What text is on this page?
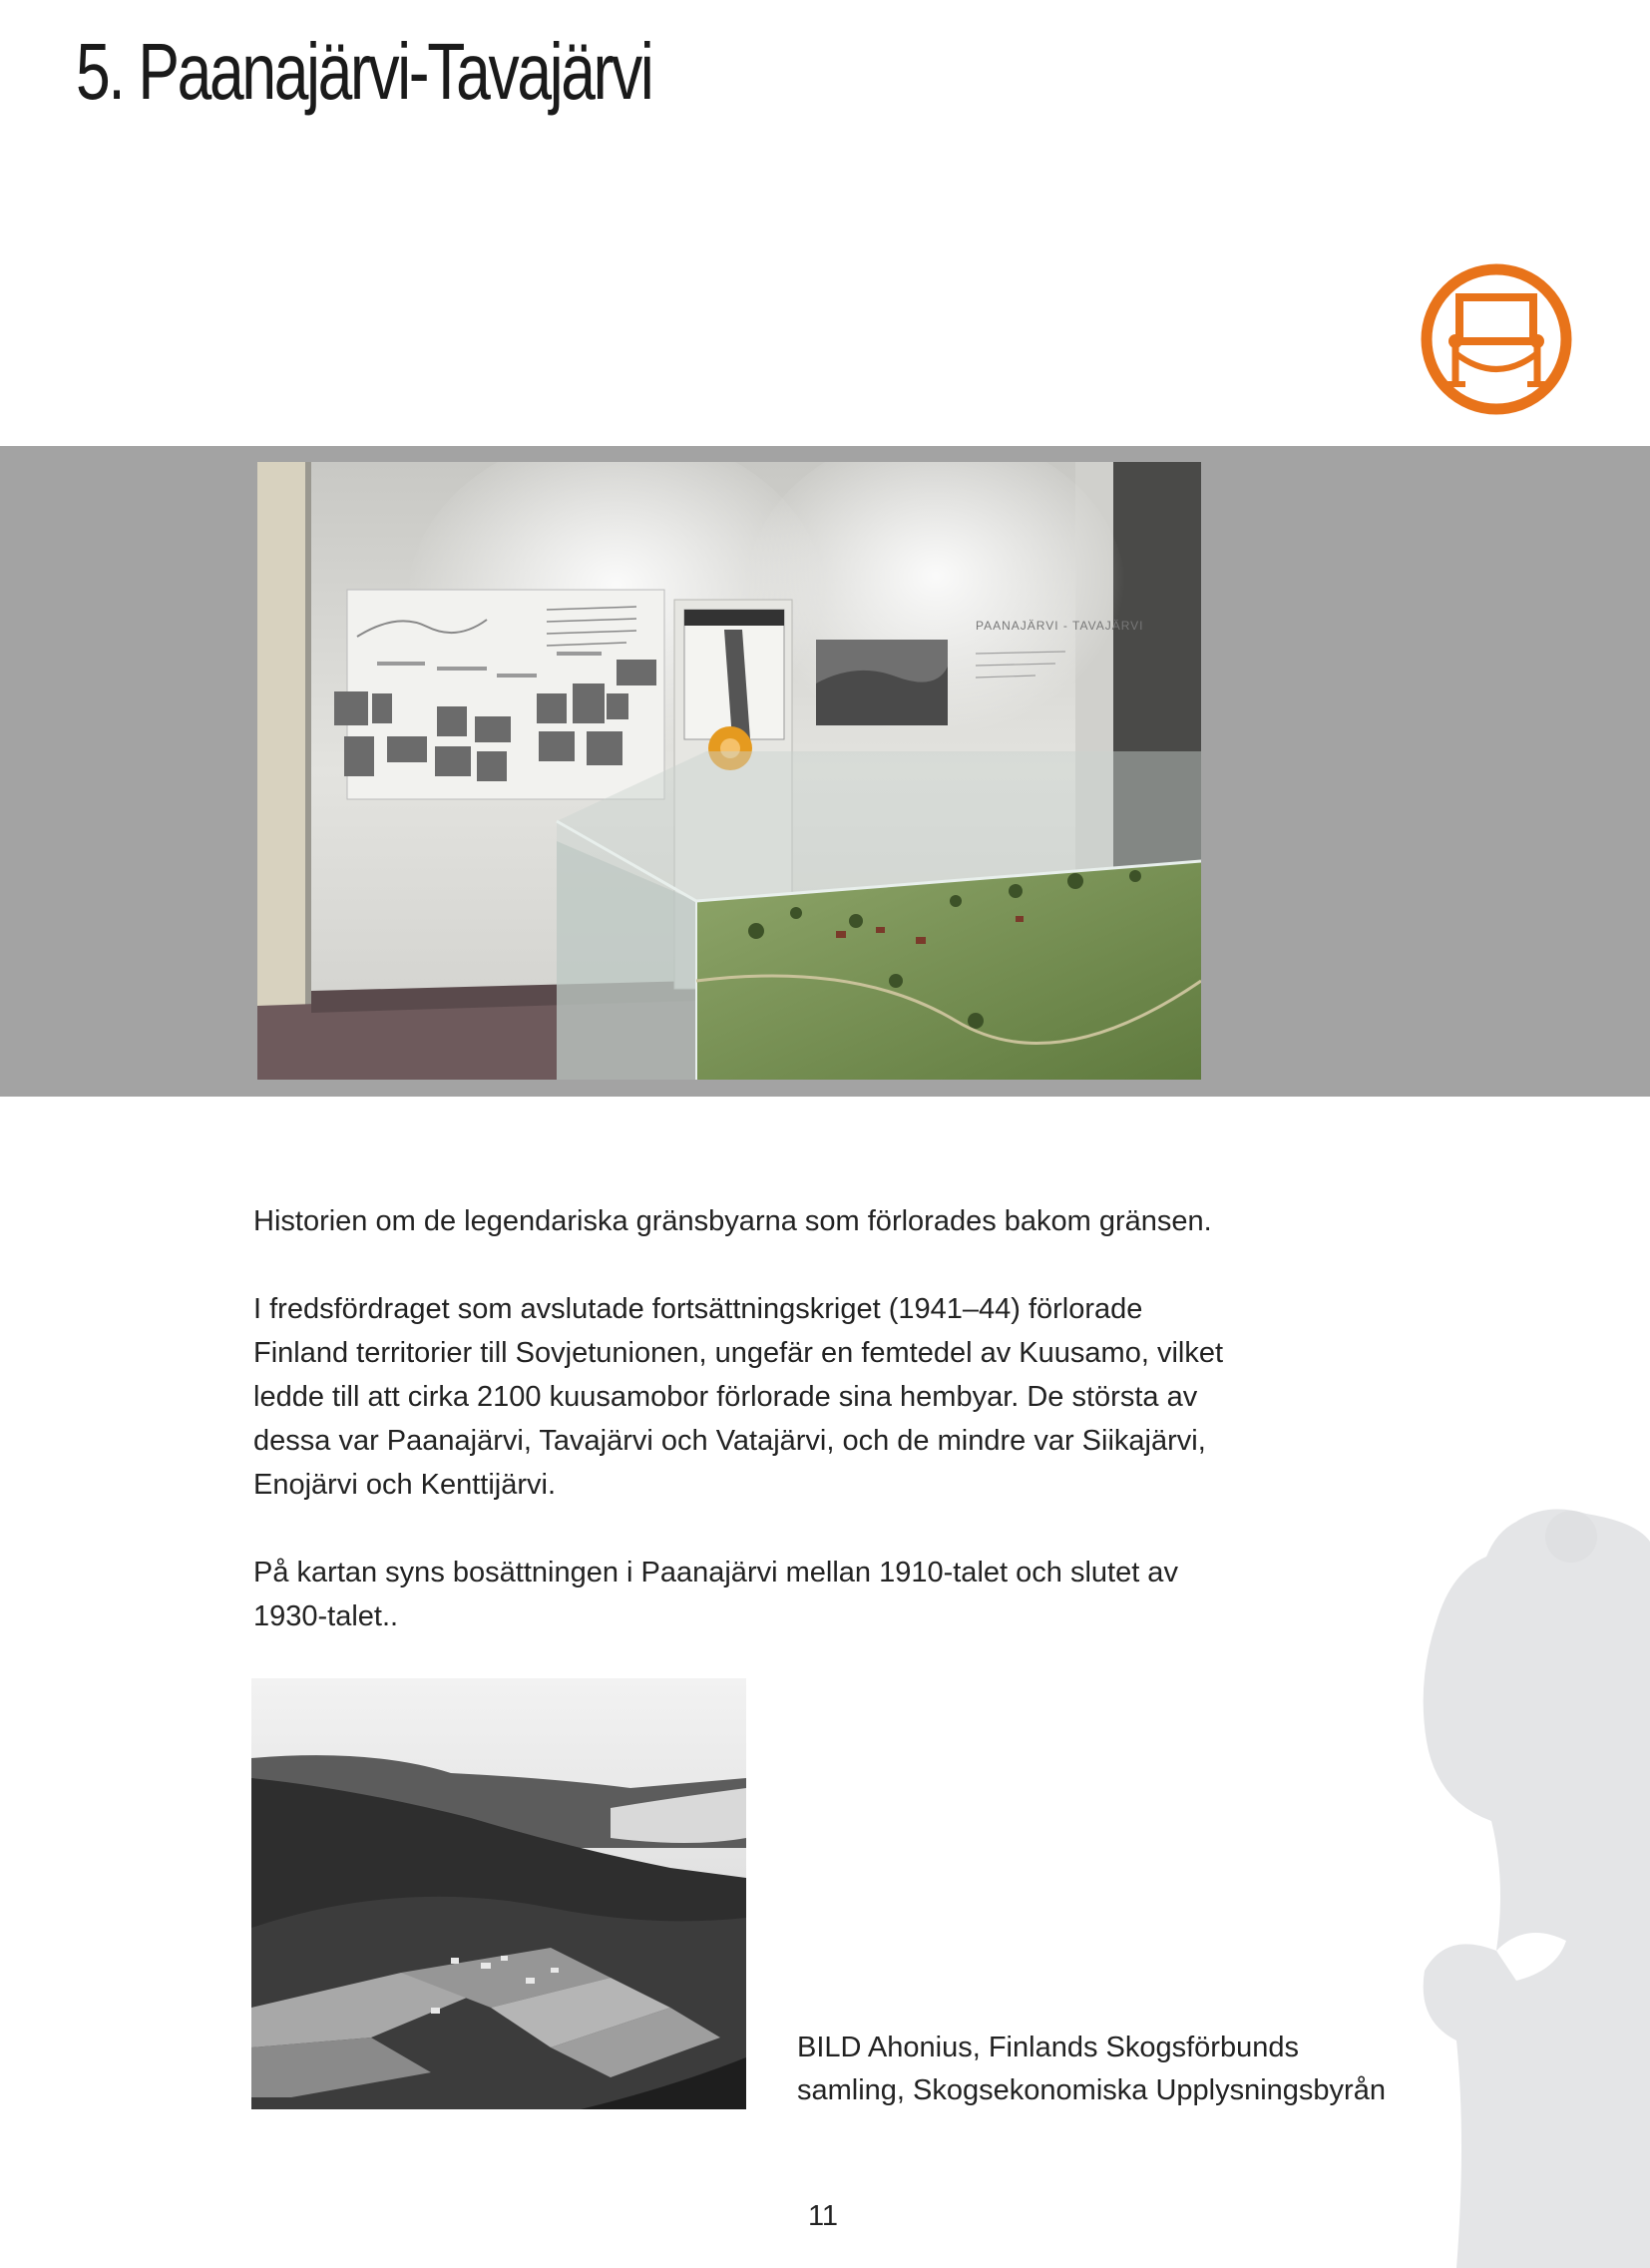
5. Paanajärvi-Tavajärvi
PAANAJÄRVI - TAVAJÄRVI

Historien om de legendariska gränsbyarna som förlorades bakom gränsen.

I fredsfördraget som avslutade fortsättningskriget (1941–44) förlorade
Finland territorier till Sovjetunionen, ungefär en femtedel av Kuusamo, vilket
ledde till att cirka 2100 kuusamobor förlorade sina hembyar. De största av
dessa var Paanajärvi, Tavajärvi och Vatajärvi, och de mindre var Siikajärvi,
Enojärvi och Kenttijärvi.

På kartan syns bosättningen i Paanajärvi mellan 1910-talet och slutet av
1930-talet..

BILD Ahonius, Finlands Skogsförbunds
samling, Skogsekonomiska Upplysningsbyrån
11
